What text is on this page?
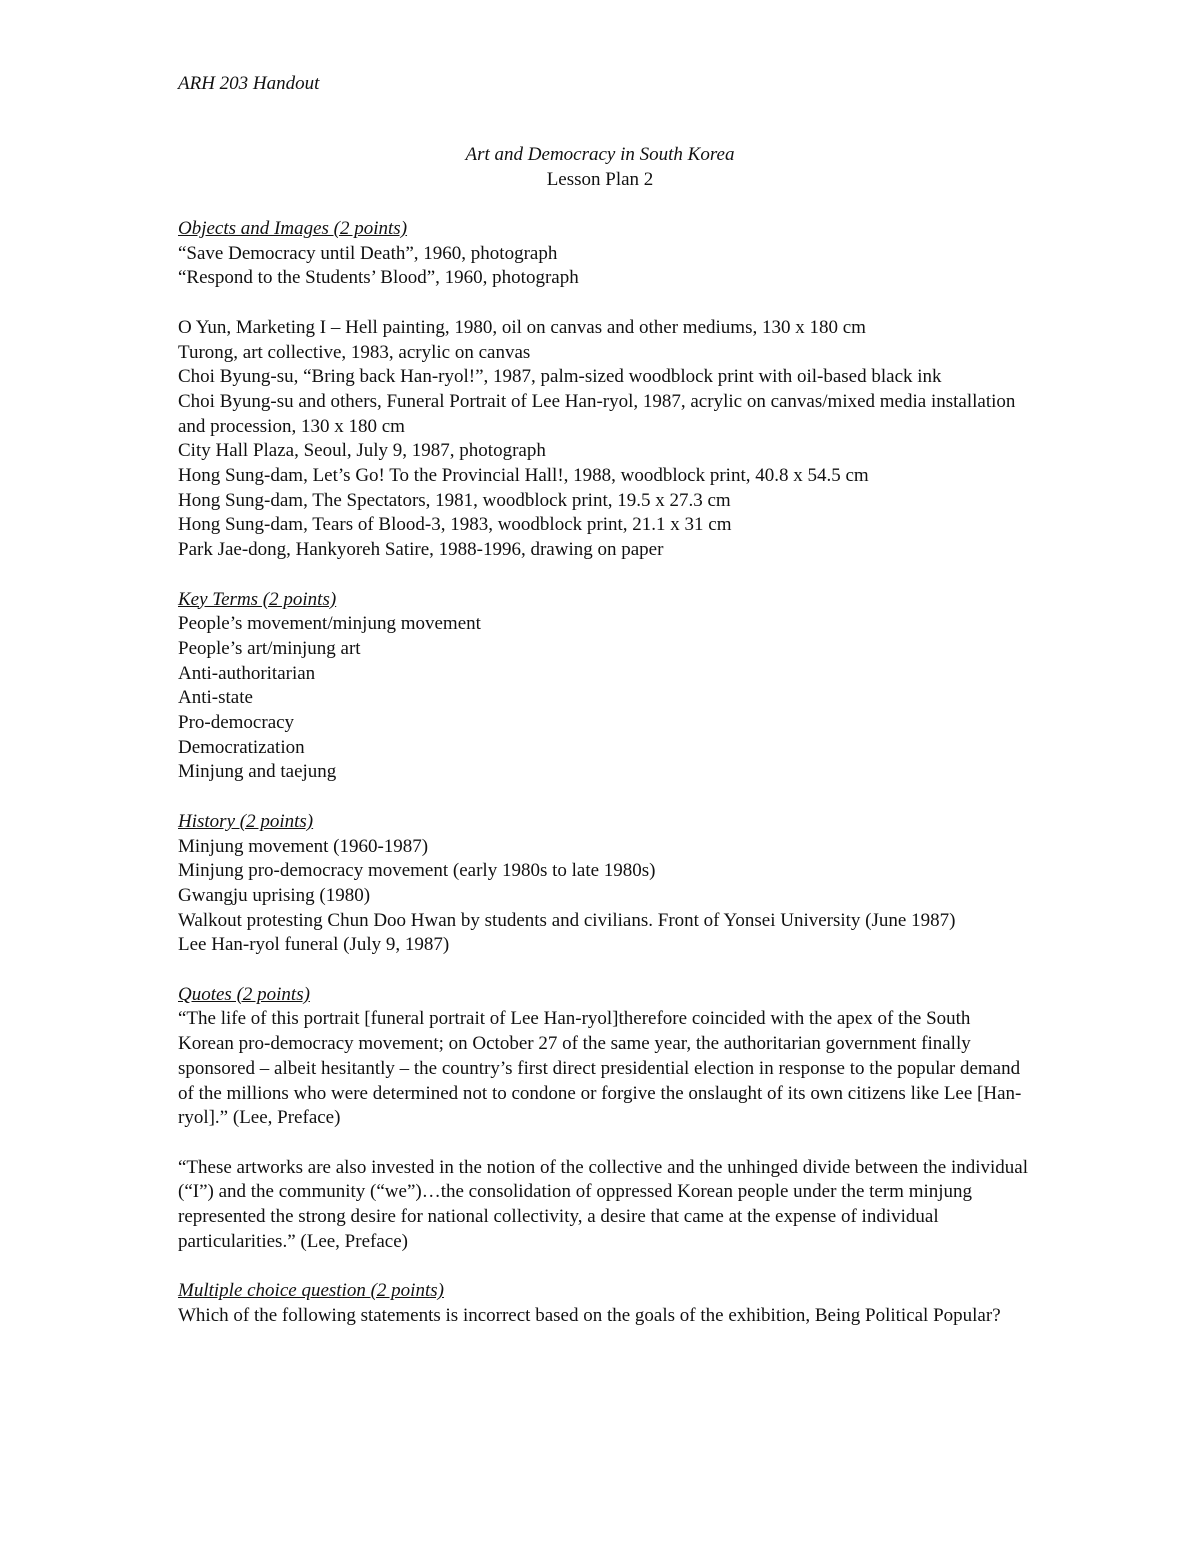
ARH 203 Handout
Art and Democracy in South Korea
Lesson Plan 2
Objects and Images (2 points)
“Save Democracy until Death”, 1960, photograph
“Respond to the Students’ Blood”, 1960, photograph
O Yun, Marketing I – Hell painting, 1980, oil on canvas and other mediums, 130 x 180 cm
Turong, art collective, 1983, acrylic on canvas
Choi Byung-su, “Bring back Han-ryol!”, 1987, palm-sized woodblock print with oil-based black ink
Choi Byung-su and others, Funeral Portrait of Lee Han-ryol, 1987, acrylic on canvas/mixed media installation and procession, 130 x 180 cm
City Hall Plaza, Seoul, July 9, 1987, photograph
Hong Sung-dam, Let’s Go! To the Provincial Hall!, 1988, woodblock print, 40.8 x 54.5 cm
Hong Sung-dam, The Spectators, 1981, woodblock print, 19.5 x 27.3 cm
Hong Sung-dam, Tears of Blood-3, 1983, woodblock print, 21.1 x 31 cm
Park Jae-dong, Hankyoreh Satire, 1988-1996, drawing on paper
Key Terms (2 points)
People’s movement/minjung movement
People’s art/minjung art
Anti-authoritarian
Anti-state
Pro-democracy
Democratization
Minjung and taejung
History (2 points)
Minjung movement (1960-1987)
Minjung pro-democracy movement (early 1980s to late 1980s)
Gwangju uprising (1980)
Walkout protesting Chun Doo Hwan by students and civilians. Front of Yonsei University (June 1987)
Lee Han-ryol funeral (July 9, 1987)
Quotes (2 points)
“The life of this portrait [funeral portrait of Lee Han-ryol]therefore coincided with the apex of the South Korean pro-democracy movement; on October 27 of the same year, the authoritarian government finally sponsored – albeit hesitantly – the country’s first direct presidential election in response to the popular demand of the millions who were determined not to condone or forgive the onslaught of its own citizens like Lee [Han-ryol].” (Lee, Preface)
“These artworks are also invested in the notion of the collective and the unhinged divide between the individual (“I”) and the community (“we”)…the consolidation of oppressed Korean people under the term minjung represented the strong desire for national collectivity, a desire that came at the expense of individual particularities.” (Lee, Preface)
Multiple choice question (2 points)
Which of the following statements is incorrect based on the goals of the exhibition, Being Political Popular?
